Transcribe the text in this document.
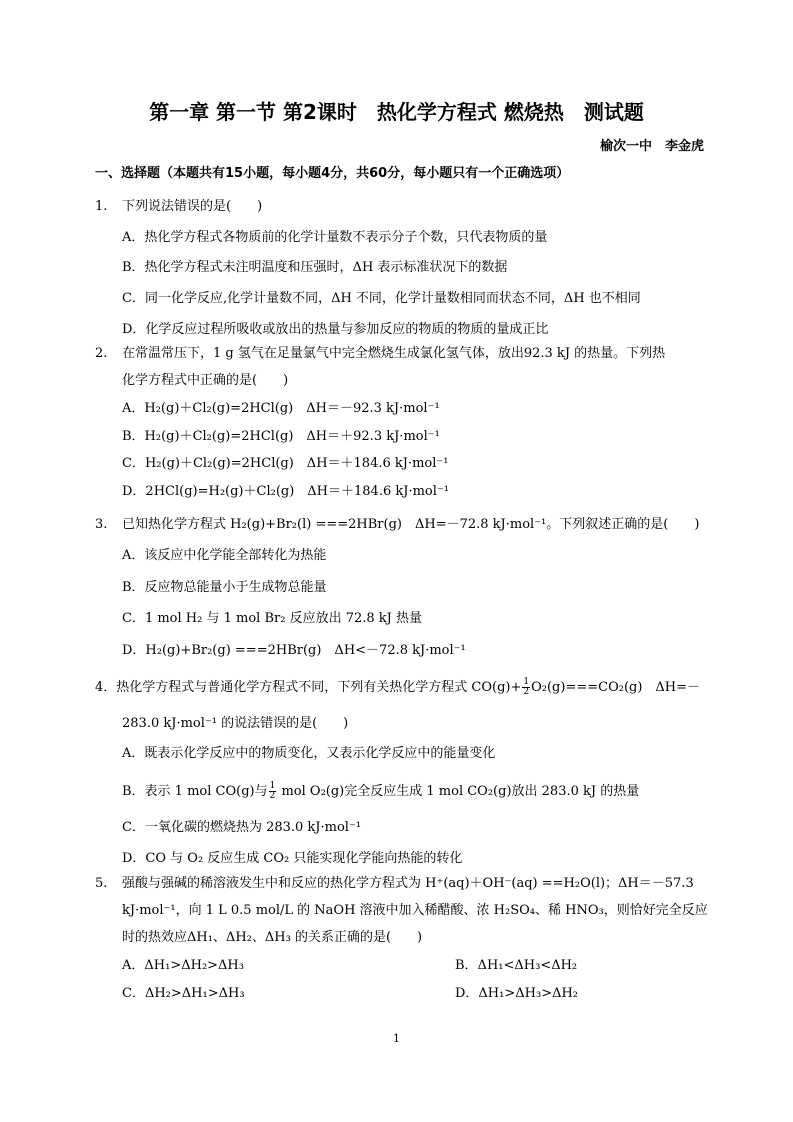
第一章 第一节 第2课时　热化学方程式 燃烧热　测试题
榆次一中　李金虎
一、选择题（本题共有15小题，每小题4分，共60分，每小题只有一个正确选项）
1. 下列说法错误的是(　　)
A．热化学方程式各物质前的化学计量数不表示分子个数，只代表物质的量
B．热化学方程式未注明温度和压强时，ΔH 表示标准状况下的数据
C．同一化学反应,化学计量数不同，ΔH 不同，化学计量数相同而状态不同，ΔH 也不相同
D．化学反应过程所吸收或放出的热量与参加反应的物质的物质的量成正比
2. 在常温常压下，1 g 氢气在足量氯气中完全燃烧生成氯化氢气体，放出92.3 kJ 的热量。下列热
化学方程式中正确的是(　　)
A．H₂(g)＋Cl₂(g)=2HCl(g)　ΔH＝－92.3 kJ·mol⁻¹
B．H₂(g)＋Cl₂(g)=2HCl(g)　ΔH＝＋92.3 kJ·mol⁻¹
C．H₂(g)＋Cl₂(g)=2HCl(g)　ΔH＝＋184.6 kJ·mol⁻¹
D．2HCl(g)=H₂(g)＋Cl₂(g)　ΔH＝＋184.6 kJ·mol⁻¹
3. 已知热化学方程式 H₂(g)+Br₂(l) ===2HBr(g)　ΔH=－72.8 kJ·mol⁻¹。下列叙述正确的是(　　)
A．该反应中化学能全部转化为热能
B．反应物总能量小于生成物总能量
C．1 mol H₂ 与 1 mol Br₂ 反应放出 72.8 kJ 热量
D．H₂(g)+Br₂(g) ===2HBr(g)　ΔH<－72.8 kJ·mol⁻¹
4．热化学方程式与普通化学方程式不同，下列有关热化学方程式 $CO(g)+ \frac{1}{2} O_2(g)===CO_2(g)$　ΔH=－
283.0 kJ·mol⁻¹ 的说法错误的是(　　)
A．既表示化学反应中的物质变化，又表示化学反应中的能量变化
B．表示 1 mol CO(g)与 $\frac{1}{2}$ mol O₂(g)完全反应生成 1 mol CO₂(g)放出 283.0 kJ 的热量
C．一氧化碳的燃烧热为 283.0 kJ·mol⁻¹
D．CO 与 O₂ 反应生成 CO₂ 只能实现化学能向热能的转化
5. 强酸与强碱的稀溶液发生中和反应的热化学方程式为 H⁺(aq)＋OH⁻(aq) ==H₂O(l)；ΔH＝－57.3
kJ·mol⁻¹，向 1 L 0.5 mol/L 的 NaOH 溶液中加入稀醋酸、浓 H₂SO₄、稀 HNO₃，则恰好完全反应
时的热效应ΔH₁、ΔH₂、ΔH₃ 的关系正确的是(　　)
A．ΔH₁>ΔH₂>ΔH₃	B．ΔH₁<ΔH₃<ΔH₂
C．ΔH₂>ΔH₁>ΔH₃	D．ΔH₁>ΔH₃>ΔH₂
1
